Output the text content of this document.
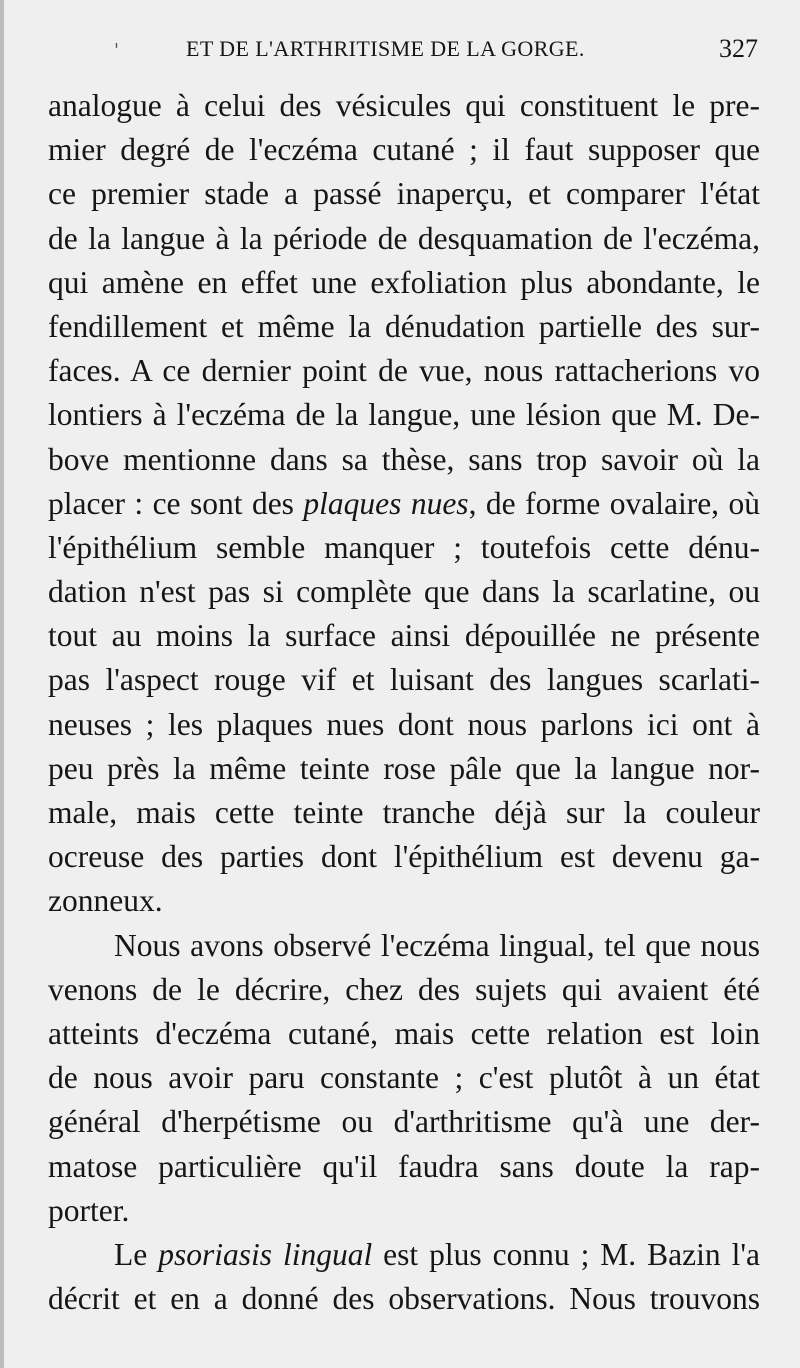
'	ET DE L'ARTHRITISME DE LA GORGE.	327
analogue à celui des vésicules qui constituent le pre-
mier degré de l'eczéma cutané ; il faut supposer que
ce premier stade a passé inaperçu, et comparer l'état
de la langue à la période de desquamation de l'eczéma,
qui amène en effet une exfoliation plus abondante, le
fendillement et même la dénudation partielle des sur-
faces. A ce dernier point de vue, nous rattacherions vo
lontiers à l'eczéma de la langue, une lésion que M. De-
bove mentionne dans sa thèse, sans trop savoir où la
placer : ce sont des plaques nues, de forme ovalaire, où
l'épithélium semble manquer ; toutefois cette dénu-
dation n'est pas si complète que dans la scarlatine, ou
tout au moins la surface ainsi dépouillée ne présente
pas l'aspect rouge vif et luisant des langues scarlati-
neuses ; les plaques nues dont nous parlons ici ont à
peu près la même teinte rose pâle que la langue nor-
male, mais cette teinte tranche déjà sur la couleur
ocreuse des parties dont l'épithélium est devenu ga-
zonneux.
Nous avons observé l'eczéma lingual, tel que nous
venons de le décrire, chez des sujets qui avaient été
atteints d'eczéma cutané, mais cette relation est loin
de nous avoir paru constante ; c'est plutôt à un état
général d'herpétisme ou d'arthritisme qu'à une der-
matose particulière qu'il faudra sans doute la rap-
porter.
Le psoriasis lingual est plus connu ; M. Bazin l'a
décrit et en a donné des observations. Nous trouvons
